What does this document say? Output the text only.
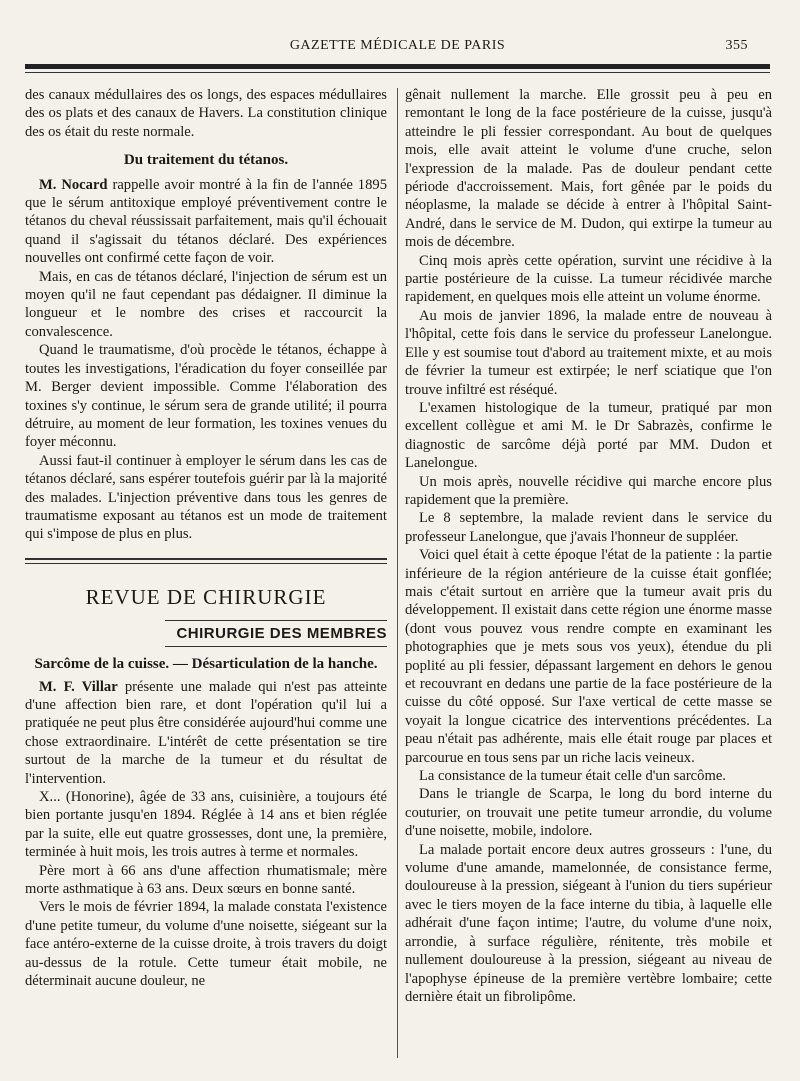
GAZETTE MÉDICALE DE PARIS	355

des canaux médullaires des os longs, des espaces médullaires des os plats et des canaux de Havers. La constitution clinique des os était du reste normale.

Du traitement du tétanos.

M. Nocard rappelle avoir montré à la fin de l'année 1895 que le sérum antitoxique employé préventivement contre le tétanos du cheval réussissait parfaitement, mais qu'il échouait quand il s'agissait du tétanos déclaré. Des expériences nouvelles ont confirmé cette façon de voir.

Mais, en cas de tétanos déclaré, l'injection de sérum est un moyen qu'il ne faut cependant pas dédaigner. Il diminue la longueur et le nombre des crises et raccourcit la convalescence.

Quand le traumatisme, d'où procède le tétanos, échappe à toutes les investigations, l'éradication du foyer conseillée par M. Berger devient impossible. Comme l'élaboration des toxines s'y continue, le sérum sera de grande utilité; il pourra détruire, au moment de leur formation, les toxines venues du foyer méconnu.

Aussi faut-il continuer à employer le sérum dans les cas de tétanos déclaré, sans espérer toutefois guérir par là la majorité des malades. L'injection préventive dans tous les genres de traumatisme exposant au tétanos est un mode de traitement qui s'impose de plus en plus.

REVUE DE CHIRURGIE
CHIRURGIE DES MEMBRES
Sarcôme de la cuisse. — Désarticulation de la hanche.

M. F. Villar présente une malade qui n'est pas atteinte d'une affection bien rare, et dont l'opération qu'il lui a pratiquée ne peut plus être considérée aujourd'hui comme une chose extraordinaire. L'intérêt de cette présentation se tire surtout de la marche de la tumeur et du résultat de l'intervention.

X... (Honorine), âgée de 33 ans, cuisinière, a toujours été bien portante jusqu'en 1894. Réglée à 14 ans et bien réglée par la suite, elle eut quatre grossesses, dont une, la première, terminée à huit mois, les trois autres à terme et normales.

Père mort à 66 ans d'une affection rhumatismale; mère morte asthmatique à 63 ans. Deux sœurs en bonne santé.

Vers le mois de février 1894, la malade constata l'existence d'une petite tumeur, du volume d'une noisette, siégeant sur la face antéro-externe de la cuisse droite, à trois travers du doigt au-dessus de la rotule. Cette tumeur était mobile, ne déterminait aucune douleur, ne

gênait nullement la marche. Elle grossit peu à peu en remontant le long de la face postérieure de la cuisse, jusqu'à atteindre le pli fessier correspondant. Au bout de quelques mois, elle avait atteint le volume d'une cruche, selon l'expression de la malade. Pas de douleur pendant cette période d'accroissement. Mais, fort gênée par le poids du néoplasme, la malade se décide à entrer à l'hôpital Saint-André, dans le service de M. Dudon, qui extirpe la tumeur au mois de décembre.

Cinq mois après cette opération, survint une récidive à la partie postérieure de la cuisse. La tumeur récidivée marche rapidement, en quelques mois elle atteint un volume énorme.

Au mois de janvier 1896, la malade entre de nouveau à l'hôpital, cette fois dans le service du professeur Lanelongue. Elle y est soumise tout d'abord au traitement mixte, et au mois de février la tumeur est extirpée; le nerf sciatique que l'on trouve infiltré est réséqué.

L'examen histologique de la tumeur, pratiqué par mon excellent collègue et ami M. le Dr Sabrazès, confirme le diagnostic de sarcôme déjà porté par MM. Dudon et Lanelongue.

Un mois après, nouvelle récidive qui marche encore plus rapidement que la première.

Le 8 septembre, la malade revient dans le service du professeur Lanelongue, que j'avais l'honneur de suppléer.

Voici quel était à cette époque l'état de la patiente : la partie inférieure de la région antérieure de la cuisse était gonflée; mais c'était surtout en arrière que la tumeur avait pris du développement. Il existait dans cette région une énorme masse (dont vous pouvez vous rendre compte en examinant les photographies que je mets sous vos yeux), étendue du pli poplité au pli fessier, dépassant largement en dehors le genou et recouvrant en dedans une partie de la face postérieure de la cuisse du côté opposé. Sur l'axe vertical de cette masse se voyait la longue cicatrice des interventions précédentes. La peau n'était pas adhérente, mais elle était rouge par places et parcourue en tous sens par un riche lacis veineux.

La consistance de la tumeur était celle d'un sarcôme.

Dans le triangle de Scarpa, le long du bord interne du couturier, on trouvait une petite tumeur arrondie, du volume d'une noisette, mobile, indolore.

La malade portait encore deux autres grosseurs : l'une, du volume d'une amande, mamelonnée, de consistance ferme, douloureuse à la pression, siégeant à l'union du tiers supérieur avec le tiers moyen de la face interne du tibia, à laquelle elle adhérait d'une façon intime; l'autre, du volume d'une noix, arrondie, à surface régulière, rénitente, très mobile et nullement douloureuse à la pression, siégeant au niveau de l'apophyse épineuse de la première vertèbre lombaire; cette dernière était un fibrolipôme.
